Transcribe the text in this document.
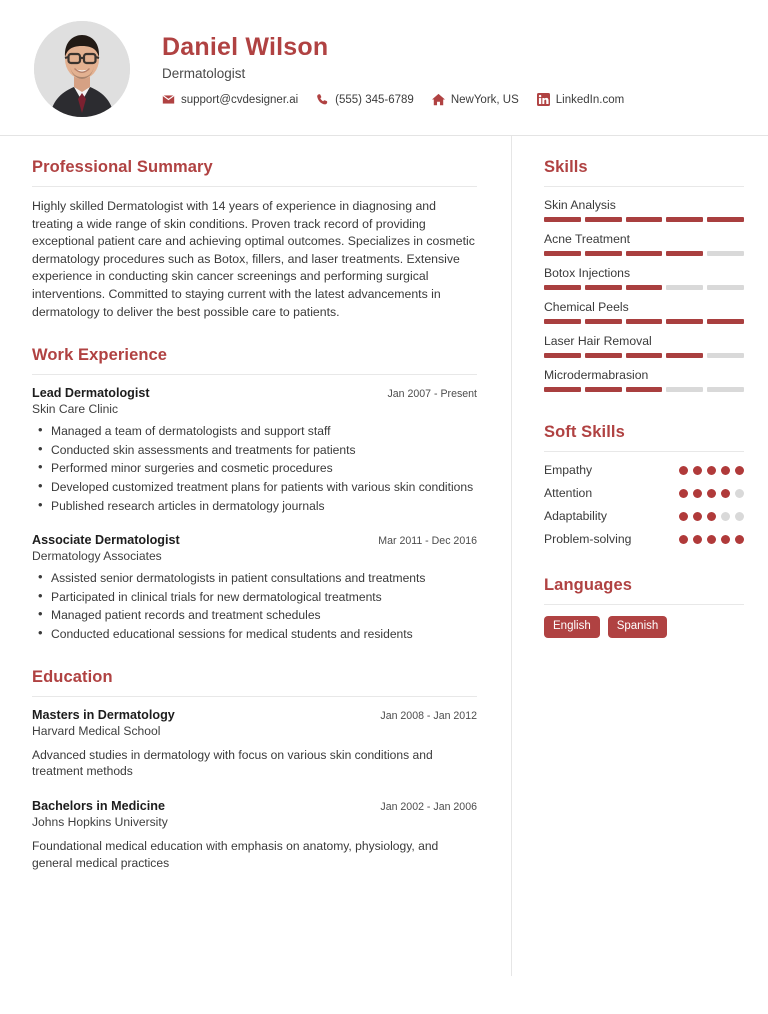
Daniel Wilson
Dermatologist
support@cvdesigner.ai	(555) 345-6789	NewYork, US	LinkedIn.com
Professional Summary
Highly skilled Dermatologist with 14 years of experience in diagnosing and treating a wide range of skin conditions. Proven track record of providing exceptional patient care and achieving optimal outcomes. Specializes in cosmetic dermatology procedures such as Botox, fillers, and laser treatments. Extensive experience in conducting skin cancer screenings and performing surgical interventions. Committed to staying current with the latest advancements in dermatology to deliver the best possible care to patients.
Work Experience
Lead Dermatologist	Jan 2007 - Present
Skin Care Clinic
• Managed a team of dermatologists and support staff
• Conducted skin assessments and treatments for patients
• Performed minor surgeries and cosmetic procedures
• Developed customized treatment plans for patients with various skin conditions
• Published research articles in dermatology journals
Associate Dermatologist	Mar 2011 - Dec 2016
Dermatology Associates
• Assisted senior dermatologists in patient consultations and treatments
• Participated in clinical trials for new dermatological treatments
• Managed patient records and treatment schedules
• Conducted educational sessions for medical students and residents
Education
Masters in Dermatology	Jan 2008 - Jan 2012
Harvard Medical School
Advanced studies in dermatology with focus on various skin conditions and treatment methods
Bachelors in Medicine	Jan 2002 - Jan 2006
Johns Hopkins University
Foundational medical education with emphasis on anatomy, physiology, and general medical practices
Skills
Skin Analysis
Acne Treatment
Botox Injections
Chemical Peels
Laser Hair Removal
Microdermabrasion
Soft Skills
Empathy
Attention
Adaptability
Problem-solving
Languages
English	Spanish
